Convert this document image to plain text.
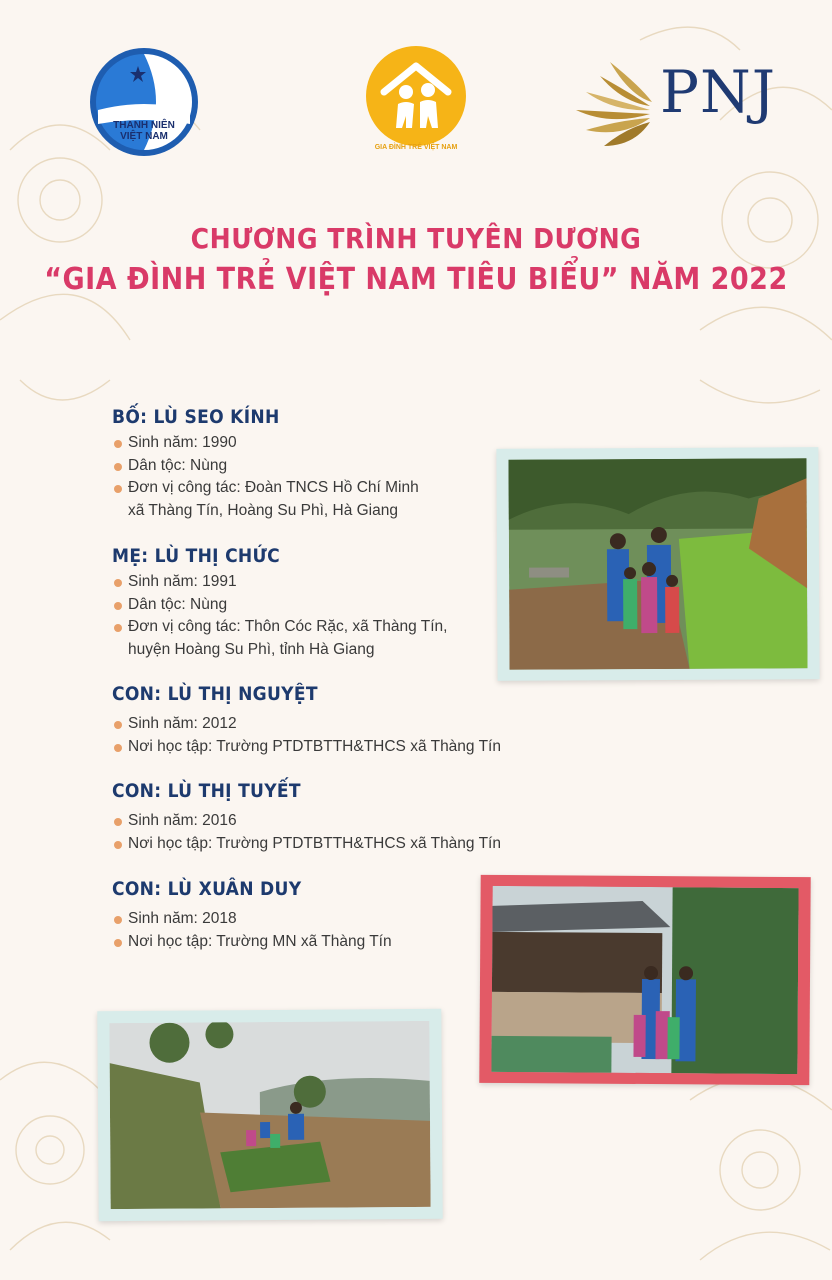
THANH NIÊN
VIỆT NAM
GIA ĐÌNH TRẺ VIỆT NAM
PNJ
CHƯƠNG TRÌNH TUYÊN DƯƠNG
“GIA ĐÌNH TRẺ VIỆT NAM TIÊU BIỂU” NĂM 2022
BỐ: LÙ SEO KÍNH
Sinh năm: 1990
Dân tộc: Nùng
Đơn vị công tác: Đoàn TNCS Hồ Chí Minh
xã Thàng Tín, Hoàng Su Phì, Hà Giang
MẸ: LÙ THỊ CHỨC
Sinh năm: 1991
Dân tộc: Nùng
Đơn vị công tác: Thôn Cóc Rặc, xã Thàng Tín,
huyện Hoàng Su Phì, tỉnh Hà Giang
CON: LÙ THỊ NGUYỆT
Sinh năm: 2012
Nơi học tập: Trường PTDTBTTH&THCS xã Thàng Tín
CON: LÙ THỊ TUYẾT
Sinh năm: 2016
Nơi học tập: Trường PTDTBTTH&THCS xã Thàng Tín
CON: LÙ XUÂN DUY
Sinh năm: 2018
Nơi học tập: Trường MN xã Thàng Tín
